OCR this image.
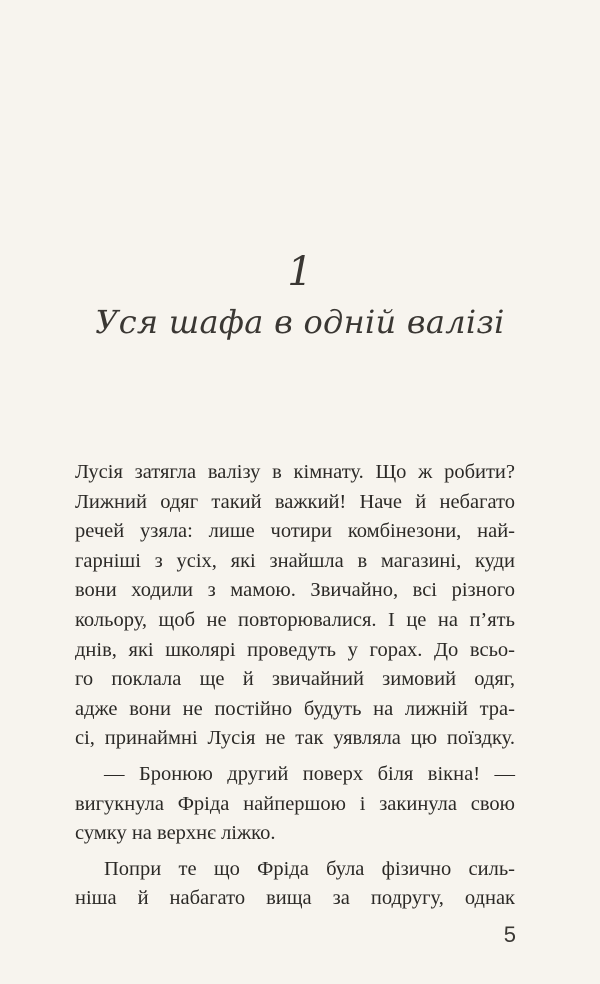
1
Уся шафа в одній валізі

Лусія затягла валізу в кімнату. Що ж робити?
Лижний одяг такий важкий! Наче й небагато
речей узяла: лише чотири комбінезони, най-
гарніші з усіх, які знайшла в магазині, куди
вони ходили з мамою. Звичайно, всі різного
кольору, щоб не повторювалися. І це на п’ять
днів, які школярі проведуть у горах. До всьо-
го поклала ще й звичайний зимовий одяг,
адже вони не постійно будуть на лижній тра-
сі, принаймні Лусія не так уявляла цю поїздку.

— Бронюю другий поверх біля вікна! —
вигукнула Фріда найпершою і закинула свою
сумку на верхнє ліжко.

Попри те що Фріда була фізично силь-
ніша й набагато вища за подругу, однак

5
